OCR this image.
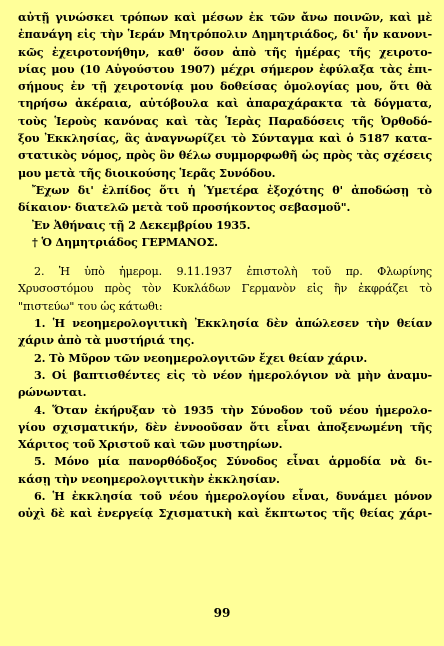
αὐτῇ γινώσκει τρόπων καὶ μέσων ἐκ τῶν ἄνω ποινῶν, καὶ μὲ
ἐπανάγη εἰς τὴν Ἱεράν Μητρόπολιν Δημητριάδος, δι' ἧν κανονι-
κῶς ἐχειροτονήθην, καθ' ὅσον ἀπὸ τῆς ἡμέρας τῆς χειροτο-
νίας μου (10 Αὐγούστου 1907) μέχρι σήμερον ἐφύλαξα τὰς ἐπι-
σήμους ἐν τῇ χειροτονίᾳ μου δοθείσας ὁμολογίας μου, ὅτι θὰ
τηρήσω ἀκέραια, αὐτόβουλα καὶ ἀπαραχάρακτα τὰ δόγματα,
τοὺς Ἱεροὺς κανόνας καὶ τὰς Ἱερὰς Παραδόσεις τῆς Ὀρθοδό-
ξου Ἐκκλησίας, ἃς ἀναγνωρίζει τὸ Σύνταγμα καὶ ὁ 5187 κατα-
στατικὸς νόμος, πρὸς ὃν θέλω συμμορφωθῆ ὡς πρὸς τὰς σχέσεις
μου μετὰ τῆς διοικούσης Ἱερᾶς Συνόδου.
Ἔχων δι' ἐλπίδος ὅτι ἡ Ὑμετέρα ἐξοχότης θ' ἀποδώσῃ τὸ
δίκαιον· διατελῶ μετὰ τοῦ προσήκοντος σεβασμοῦ".
Ἐν Ἀθήναις τῇ 2 Δεκεμβρίου 1935.
† Ὁ Δημητριάδος ΓΕΡΜΑΝΟΣ.
2. Ἡ ὑπὸ ἡμερομ. 9.11.1937 ἐπιστολὴ τοῦ πρ. Φλωρίνης
Χρυσοστόμου πρὸς τὸν Κυκλάδων Γερμανὸν εἰς ἣν ἐκφράζει τὸ
"πιστεύω" του ὡς κάτωθι:
1. Ἡ νεοημερολογιτικὴ Ἐκκλησία δὲν ἀπώλεσεν τὴν θείαν
χάριν ἀπὸ τὰ μυστήριά της.
2. Τὸ Μῦρον τῶν νεοημερολογιτῶν ἔχει θείαν χάριν.
3. Οἱ βαπτισθέντες εἰς τὸ νέον ἡμερολόγιον νὰ μὴν ἀναμυ-
ρώνωνται.
4. Ὅταν ἐκήρυξαν τὸ 1935 τὴν Σύνοδον τοῦ νέου ἡμερολο-
γίου σχισματικήν, δὲν ἐννοοῦσαν ὅτι εἶναι ἀποξενωμένη τῆς
Χάριτος τοῦ Χριστοῦ καὶ τῶν μυστηρίων.
5. Μόνο μία πανορθόδοξος Σύνοδος εἶναι ἁρμοδία νὰ δι-
κάσῃ τὴν νεοημερολογιτικὴν ἐκκλησίαν.
6. Ἡ ἐκκλησία τοῦ νέου ἡμερολογίου εἶναι, δυνάμει μόνον
οὐχὶ δὲ καὶ ἐνεργείᾳ Σχισματικὴ καὶ ἔκπτωτος τῆς θείας χάρι-
99
